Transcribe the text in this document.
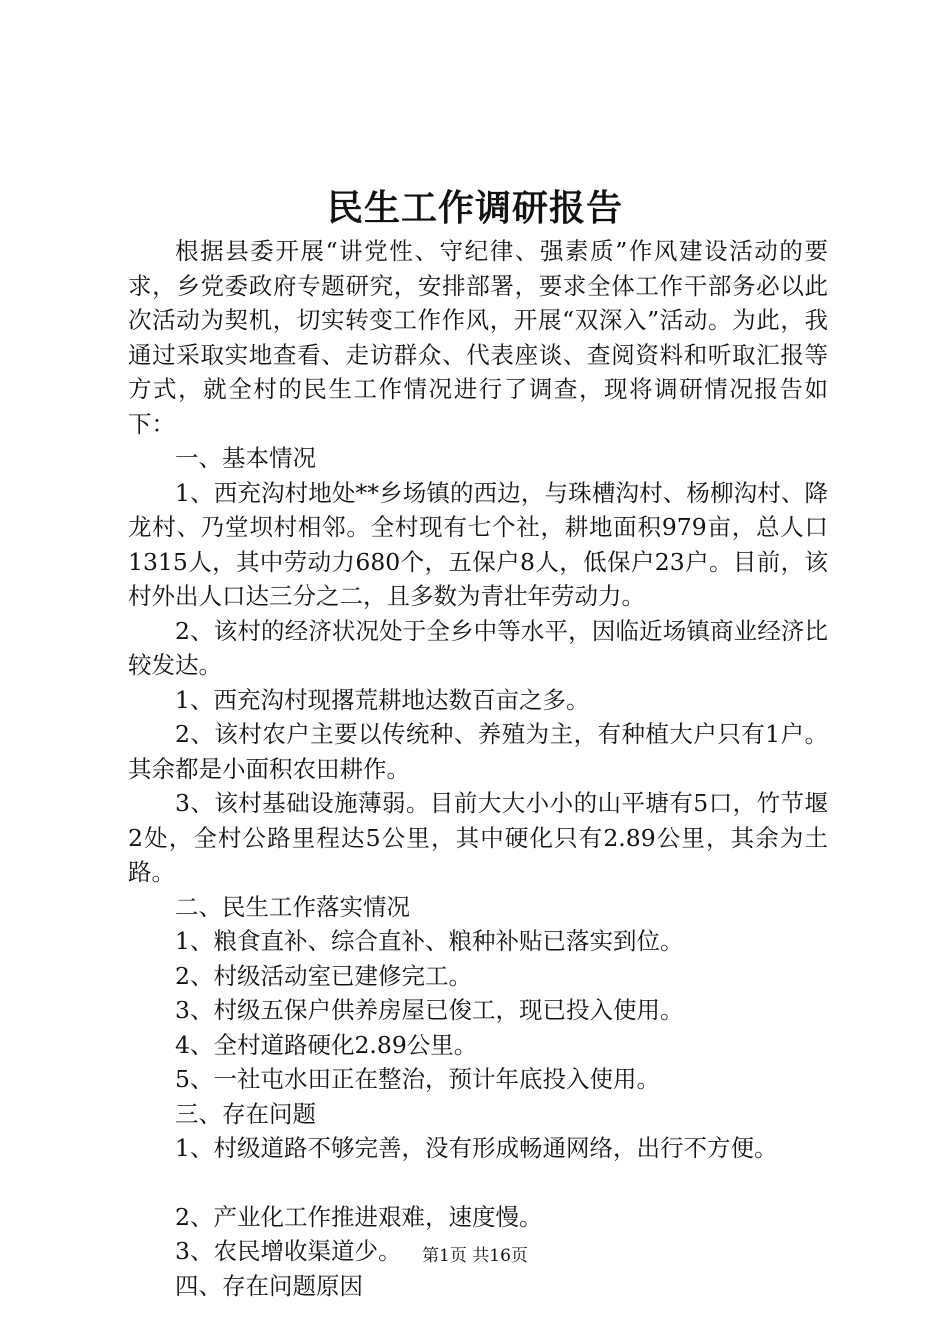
民生工作调研报告

根据县委开展“讲党性、守纪律、强素质”作风建设活动的要求，乡党委政府专题研究，安排部署，要求全体工作干部务必以此次活动为契机，切实转变工作作风，开展“双深入”活动。为此，我通过采取实地查看、走访群众、代表座谈、查阅资料和听取汇报等方式，就全村的民生工作情况进行了调查，现将调研情况报告如下：

一、基本情况

1、西充沟村地处**乡场镇的西边，与珠槽沟村、杨柳沟村、降龙村、乃堂坝村相邻。全村现有七个社，耕地面积979亩，总人口1315人，其中劳动力680个，五保户8人，低保户23户。目前，该村外出人口达三分之二，且多数为青壮年劳动力。

2、该村的经济状况处于全乡中等水平，因临近场镇商业经济比较发达。

1、西充沟村现撂荒耕地达数百亩之多。

2、该村农户主要以传统种、养殖为主，有种植大户只有1户。其余都是小面积农田耕作。

3、该村基础设施薄弱。目前大大小小的山平塘有5口，竹节堰2处，全村公路里程达5公里，其中硬化只有2.89公里，其余为土路。

二、民生工作落实情况

1、粮食直补、综合直补、粮种补贴已落实到位。

2、村级活动室已建修完工。

3、村级五保户供养房屋已俊工，现已投入使用。

4、全村道路硬化2.89公里。

5、一社屯水田正在整治，预计年底投入使用。

三、存在问题

1、村级道路不够完善，没有形成畅通网络，出行不方便。

2、产业化工作推进艰难，速度慢。

3、农民增收渠道少。

四、存在问题原因

第1页 共16页
